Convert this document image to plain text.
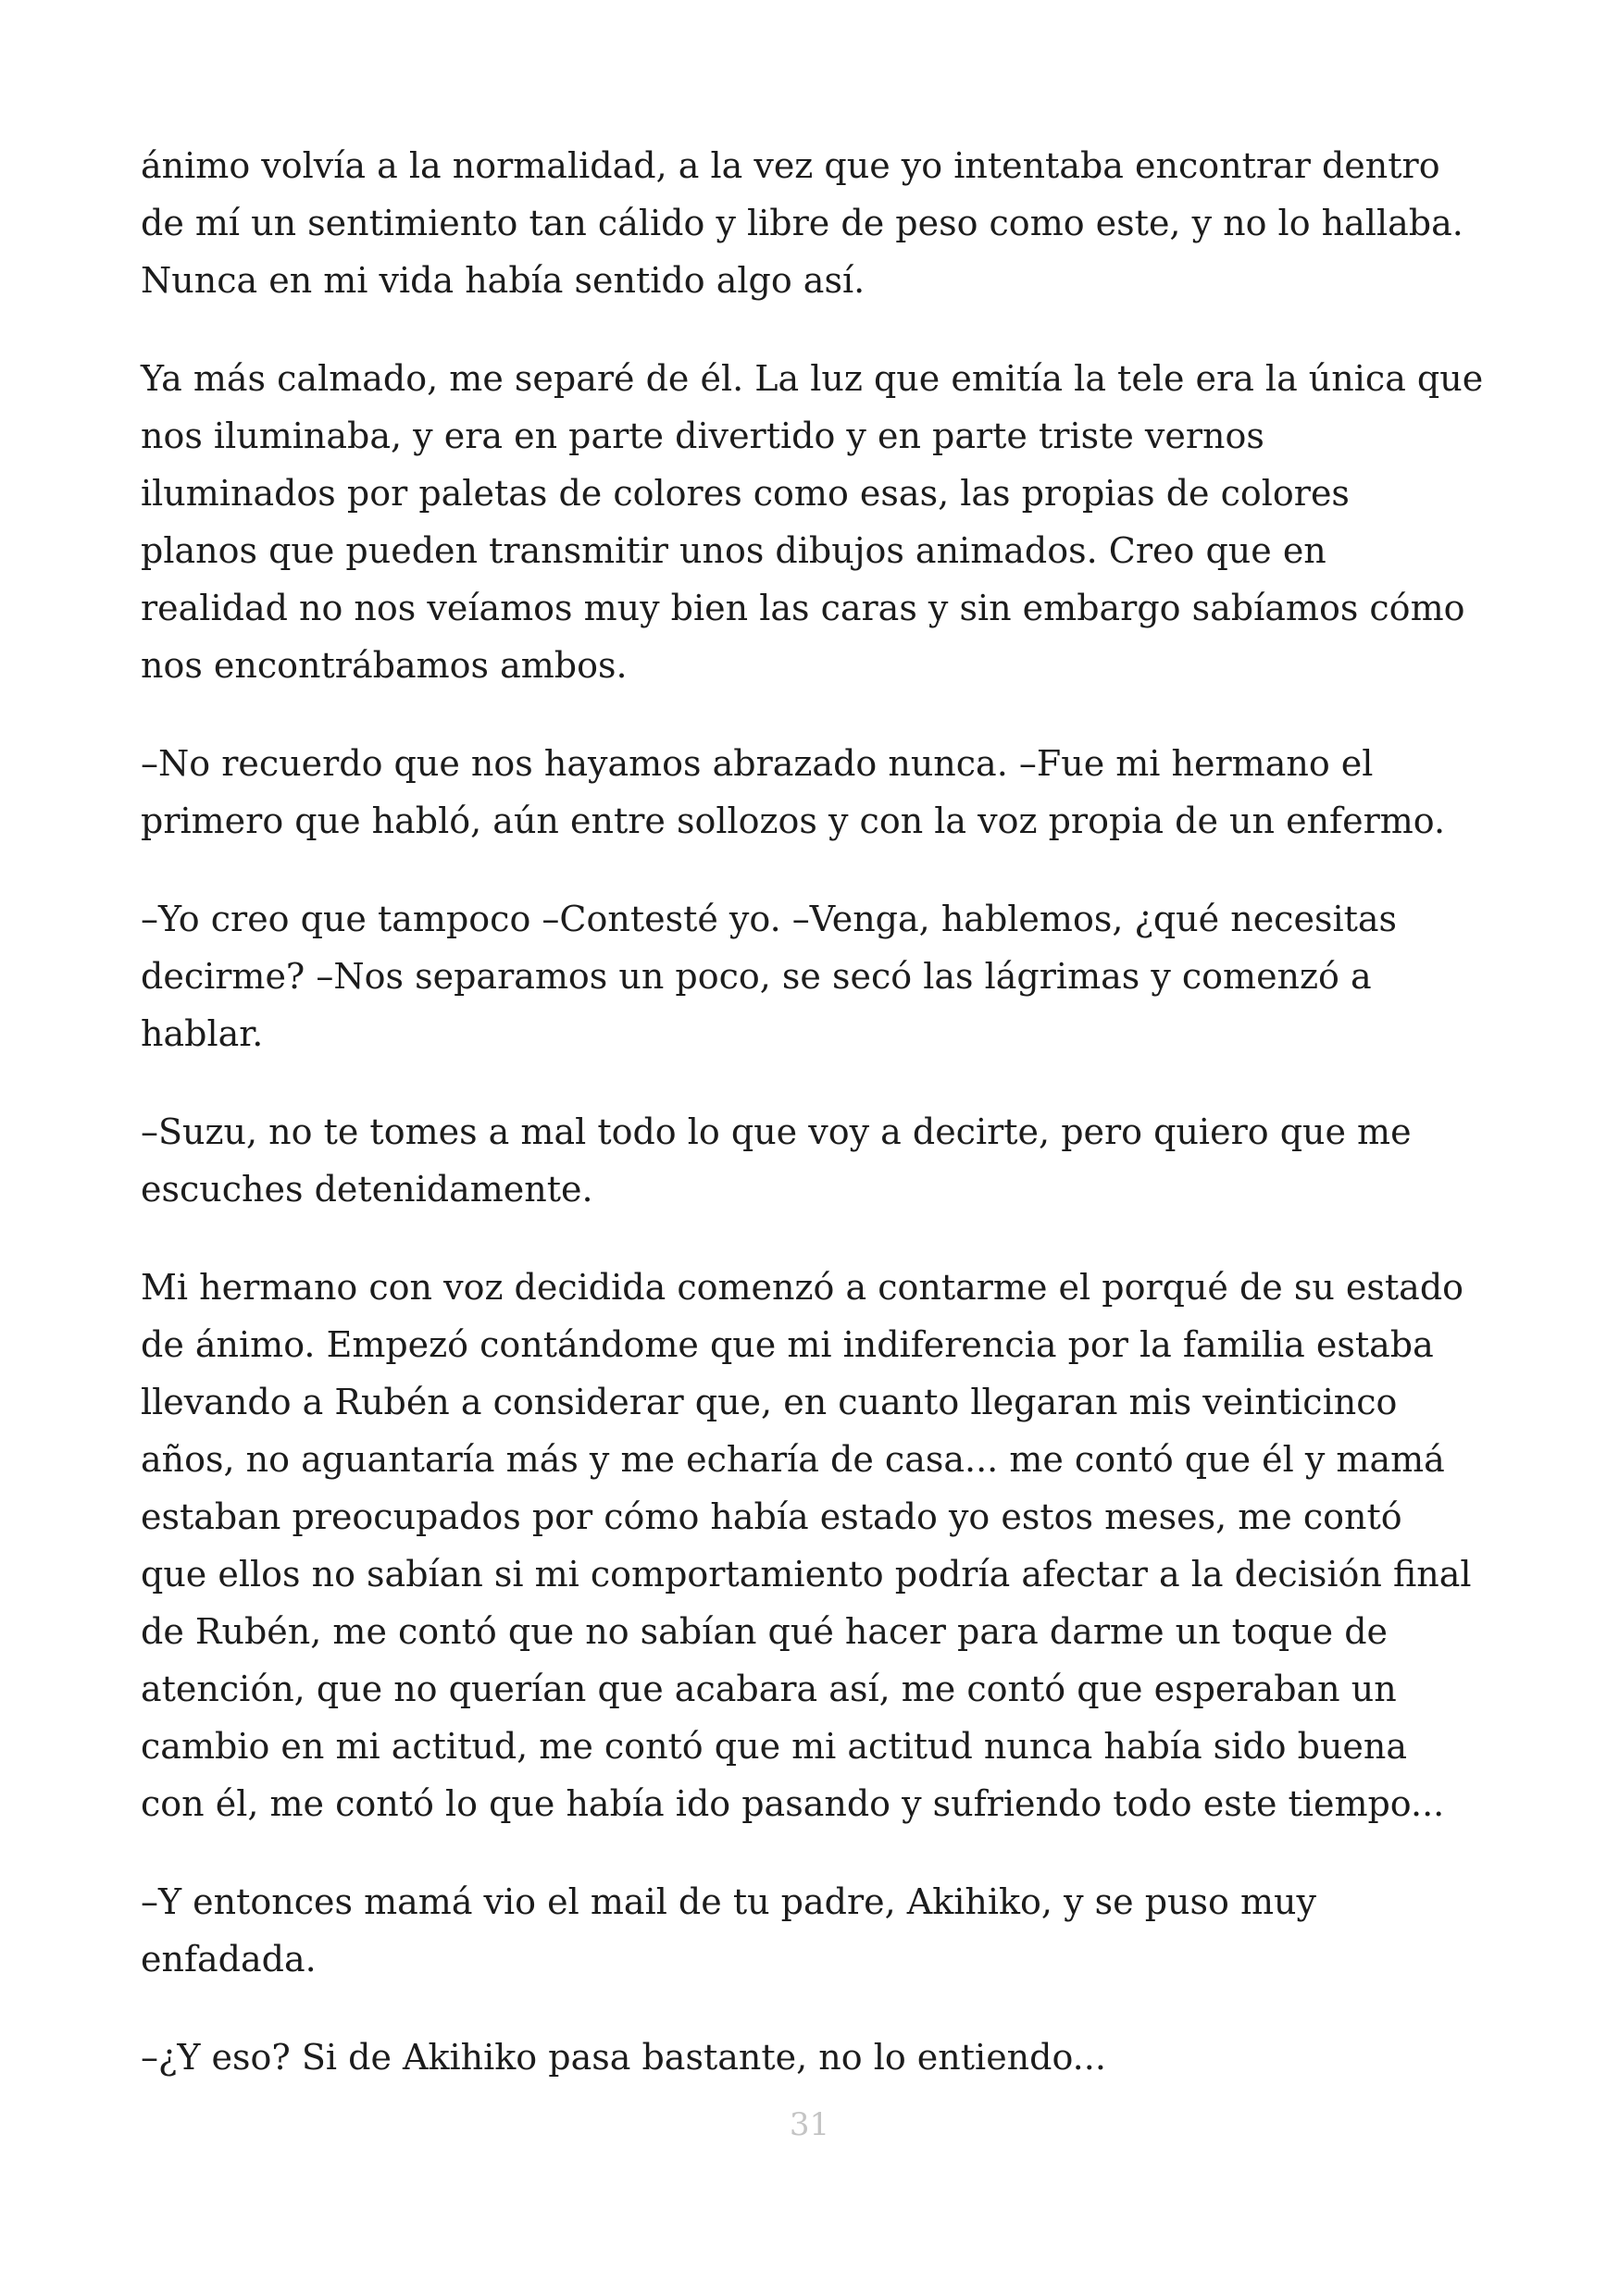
ánimo volvía a la normalidad, a la vez que yo intentaba encontrar dentro
de mí un sentimiento tan cálido y libre de peso como este, y no lo hallaba.
Nunca en mi vida había sentido algo así.

Ya más calmado, me separé de él. La luz que emitía la tele era la única que
nos iluminaba, y era en parte divertido y en parte triste vernos
iluminados por paletas de colores como esas, las propias de colores
planos que pueden transmitir unos dibujos animados. Creo que en
realidad no nos veíamos muy bien las caras y sin embargo sabíamos cómo
nos encontrábamos ambos.

–No recuerdo que nos hayamos abrazado nunca. –Fue mi hermano el
primero que habló, aún entre sollozos y con la voz propia de un enfermo.

–Yo creo que tampoco –Contesté yo. –Venga, hablemos, ¿qué necesitas
decirme? –Nos separamos un poco, se secó las lágrimas y comenzó a
hablar.

–Suzu, no te tomes a mal todo lo que voy a decirte, pero quiero que me
escuches detenidamente.

Mi hermano con voz decidida comenzó a contarme el porqué de su estado
de ánimo. Empezó contándome que mi indiferencia por la familia estaba
llevando a Rubén a considerar que, en cuanto llegaran mis veinticinco
años, no aguantaría más y me echaría de casa... me contó que él y mamá
estaban preocupados por cómo había estado yo estos meses, me contó
que ellos no sabían si mi comportamiento podría afectar a la decisión final
de Rubén, me contó que no sabían qué hacer para darme un toque de
atención, que no querían que acabara así, me contó que esperaban un
cambio en mi actitud, me contó que mi actitud nunca había sido buena
con él, me contó lo que había ido pasando y sufriendo todo este tiempo...

–Y entonces mamá vio el mail de tu padre, Akihiko, y se puso muy
enfadada.

–¿Y eso? Si de Akihiko pasa bastante, no lo entiendo...

31
